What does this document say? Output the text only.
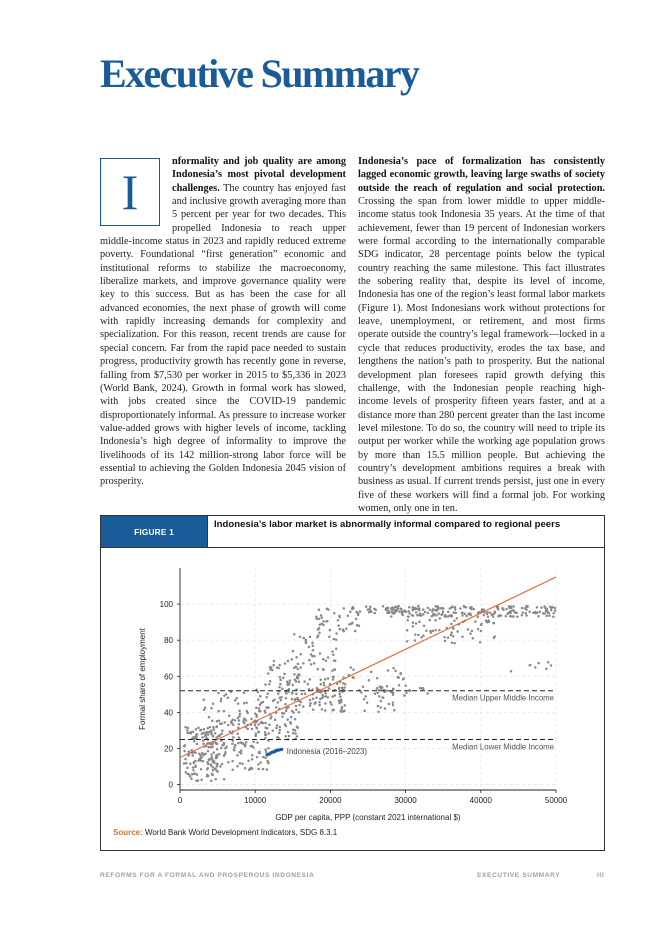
Executive Summary
I
nformality and job quality are among Indonesia’s most pivotal development challenges. The country has enjoyed fast and inclusive growth averaging more than 5 percent per year for two decades. This propelled Indonesia to reach upper middle-income status in 2023 and rapidly reduced extreme poverty. Foundational “first generation” economic and institutional reforms to stabilize the macroeconomy, liberalize markets, and improve governance quality were key to this success. But as has been the case for all advanced economies, the next phase of growth will come with rapidly increasing demands for complexity and specialization. For this reason, recent trends are cause for special concern. Far from the rapid pace needed to sustain progress, productivity growth has recently gone in reverse, falling from $7,530 per worker in 2015 to $5,336 in 2023 (World Bank, 2024). Growth in formal work has slowed, with jobs created since the COVID-19 pandemic disproportionately informal. As pressure to increase worker value-added grows with higher levels of income, tackling Indonesia’s high degree of informality to improve the livelihoods of its 142 million-strong labor force will be essential to achieving the Golden Indonesia 2045 vision of prosperity.
Indonesia’s pace of formalization has consistently lagged economic growth, leaving large swaths of society outside the reach of regulation and social protection. Crossing the span from lower middle to upper middle-income status took Indonesia 35 years. At the time of that achievement, fewer than 19 percent of Indonesian workers were formal according to the internationally comparable SDG indicator, 28 percentage points below the typical country reaching the same milestone. This fact illustrates the sobering reality that, despite its level of income, Indonesia has one of the region’s least formal labor markets (Figure 1). Most Indonesians work without protections for leave, unemployment, or retirement, and most firms operate outside the country’s legal framework—locked in a cycle that reduces productivity, erodes the tax base, and lengthens the nation’s path to prosperity. But the national development plan foresees rapid growth defying this challenge, with the Indonesian people reaching high-income levels of prosperity fifteen years faster, and at a distance more than 280 percent greater than the last income level milestone. To do so, the country will need to triple its output per worker while the working age population grows by more than 15.5 million people. But achieving the country’s development ambitions requires a break with business as usual. If current trends persist, just one in every five of these workers will find a formal job. For working women, only one in ten.
FIGURE 1
Indonesia’s labor market is abnormally informal compared to regional peers
0
20
40
60
80
100
0	10000	20000	30000	40000	50000
GDP per capita, PPP (constant 2021 international $)
Formal share of employment	Median Upper Middle Income
Median Lower Middle Income
Indonesia (2016–2023)
Source: World Bank World Development Indicators, SDG 8.3.1
REFORMS FOR A FORMAL AND PROSPEROUS INDONESIA	EXECUTIVE SUMMARY	III
